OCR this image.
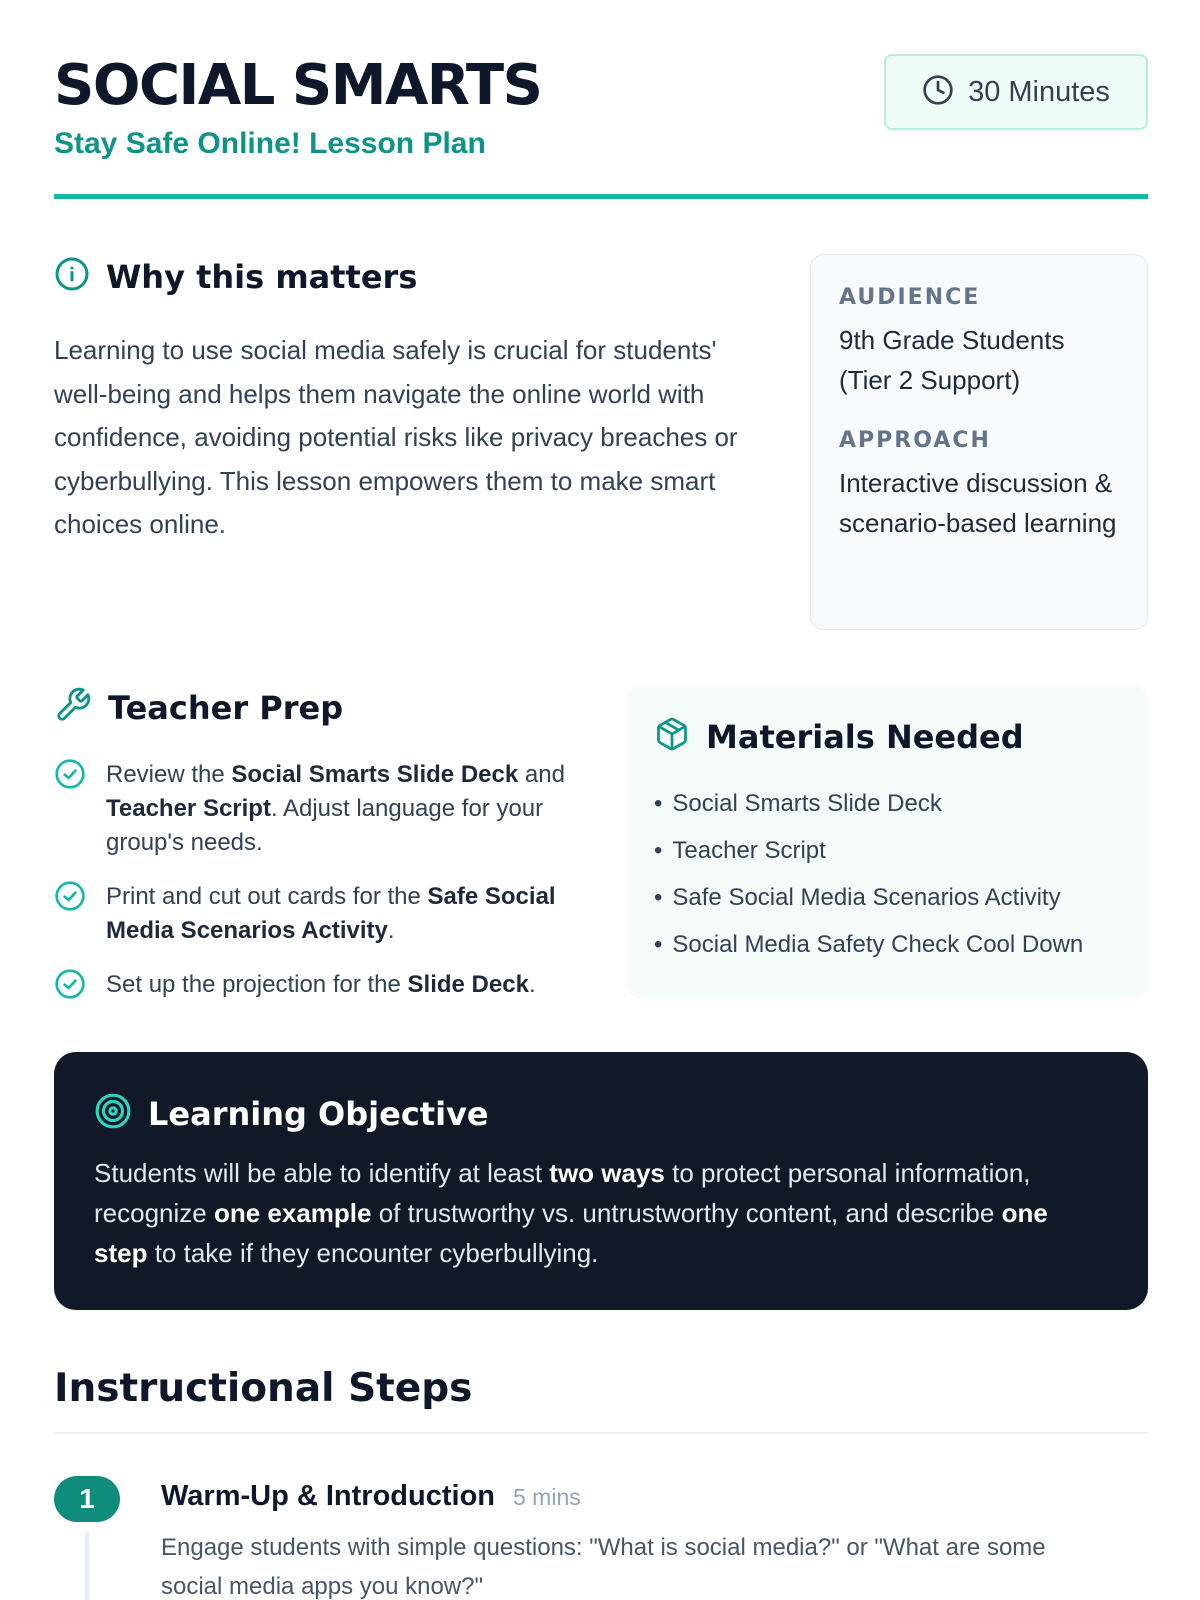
SOCIAL SMARTS
Stay Safe Online! Lesson Plan
30 Minutes
Why this matters

Learning to use social media safely is crucial for students' well-being and helps them navigate the online world with confidence, avoiding potential risks like privacy breaches or cyberbullying. This lesson empowers them to make smart choices online.

AUDIENCE
9th Grade Students (Tier 2 Support)
APPROACH
Interactive discussion & scenario-based learning
Teacher Prep
Review the Social Smarts Slide Deck and Teacher Script. Adjust language for your group's needs.
Print and cut out cards for the Safe Social Media Scenarios Activity.
Set up the projection for the Slide Deck.
Materials Needed
• Social Smarts Slide Deck
• Teacher Script
• Safe Social Media Scenarios Activity
• Social Media Safety Check Cool Down
Learning Objective

Students will be able to identify at least two ways to protect personal information, recognize one example of trustworthy vs. untrustworthy content, and describe one step to take if they encounter cyberbullying.

Instructional Steps
1	Warm-Up & Introduction 5 mins

Engage students with simple questions: "What is social media?" or "What are some social media apps you know?"
